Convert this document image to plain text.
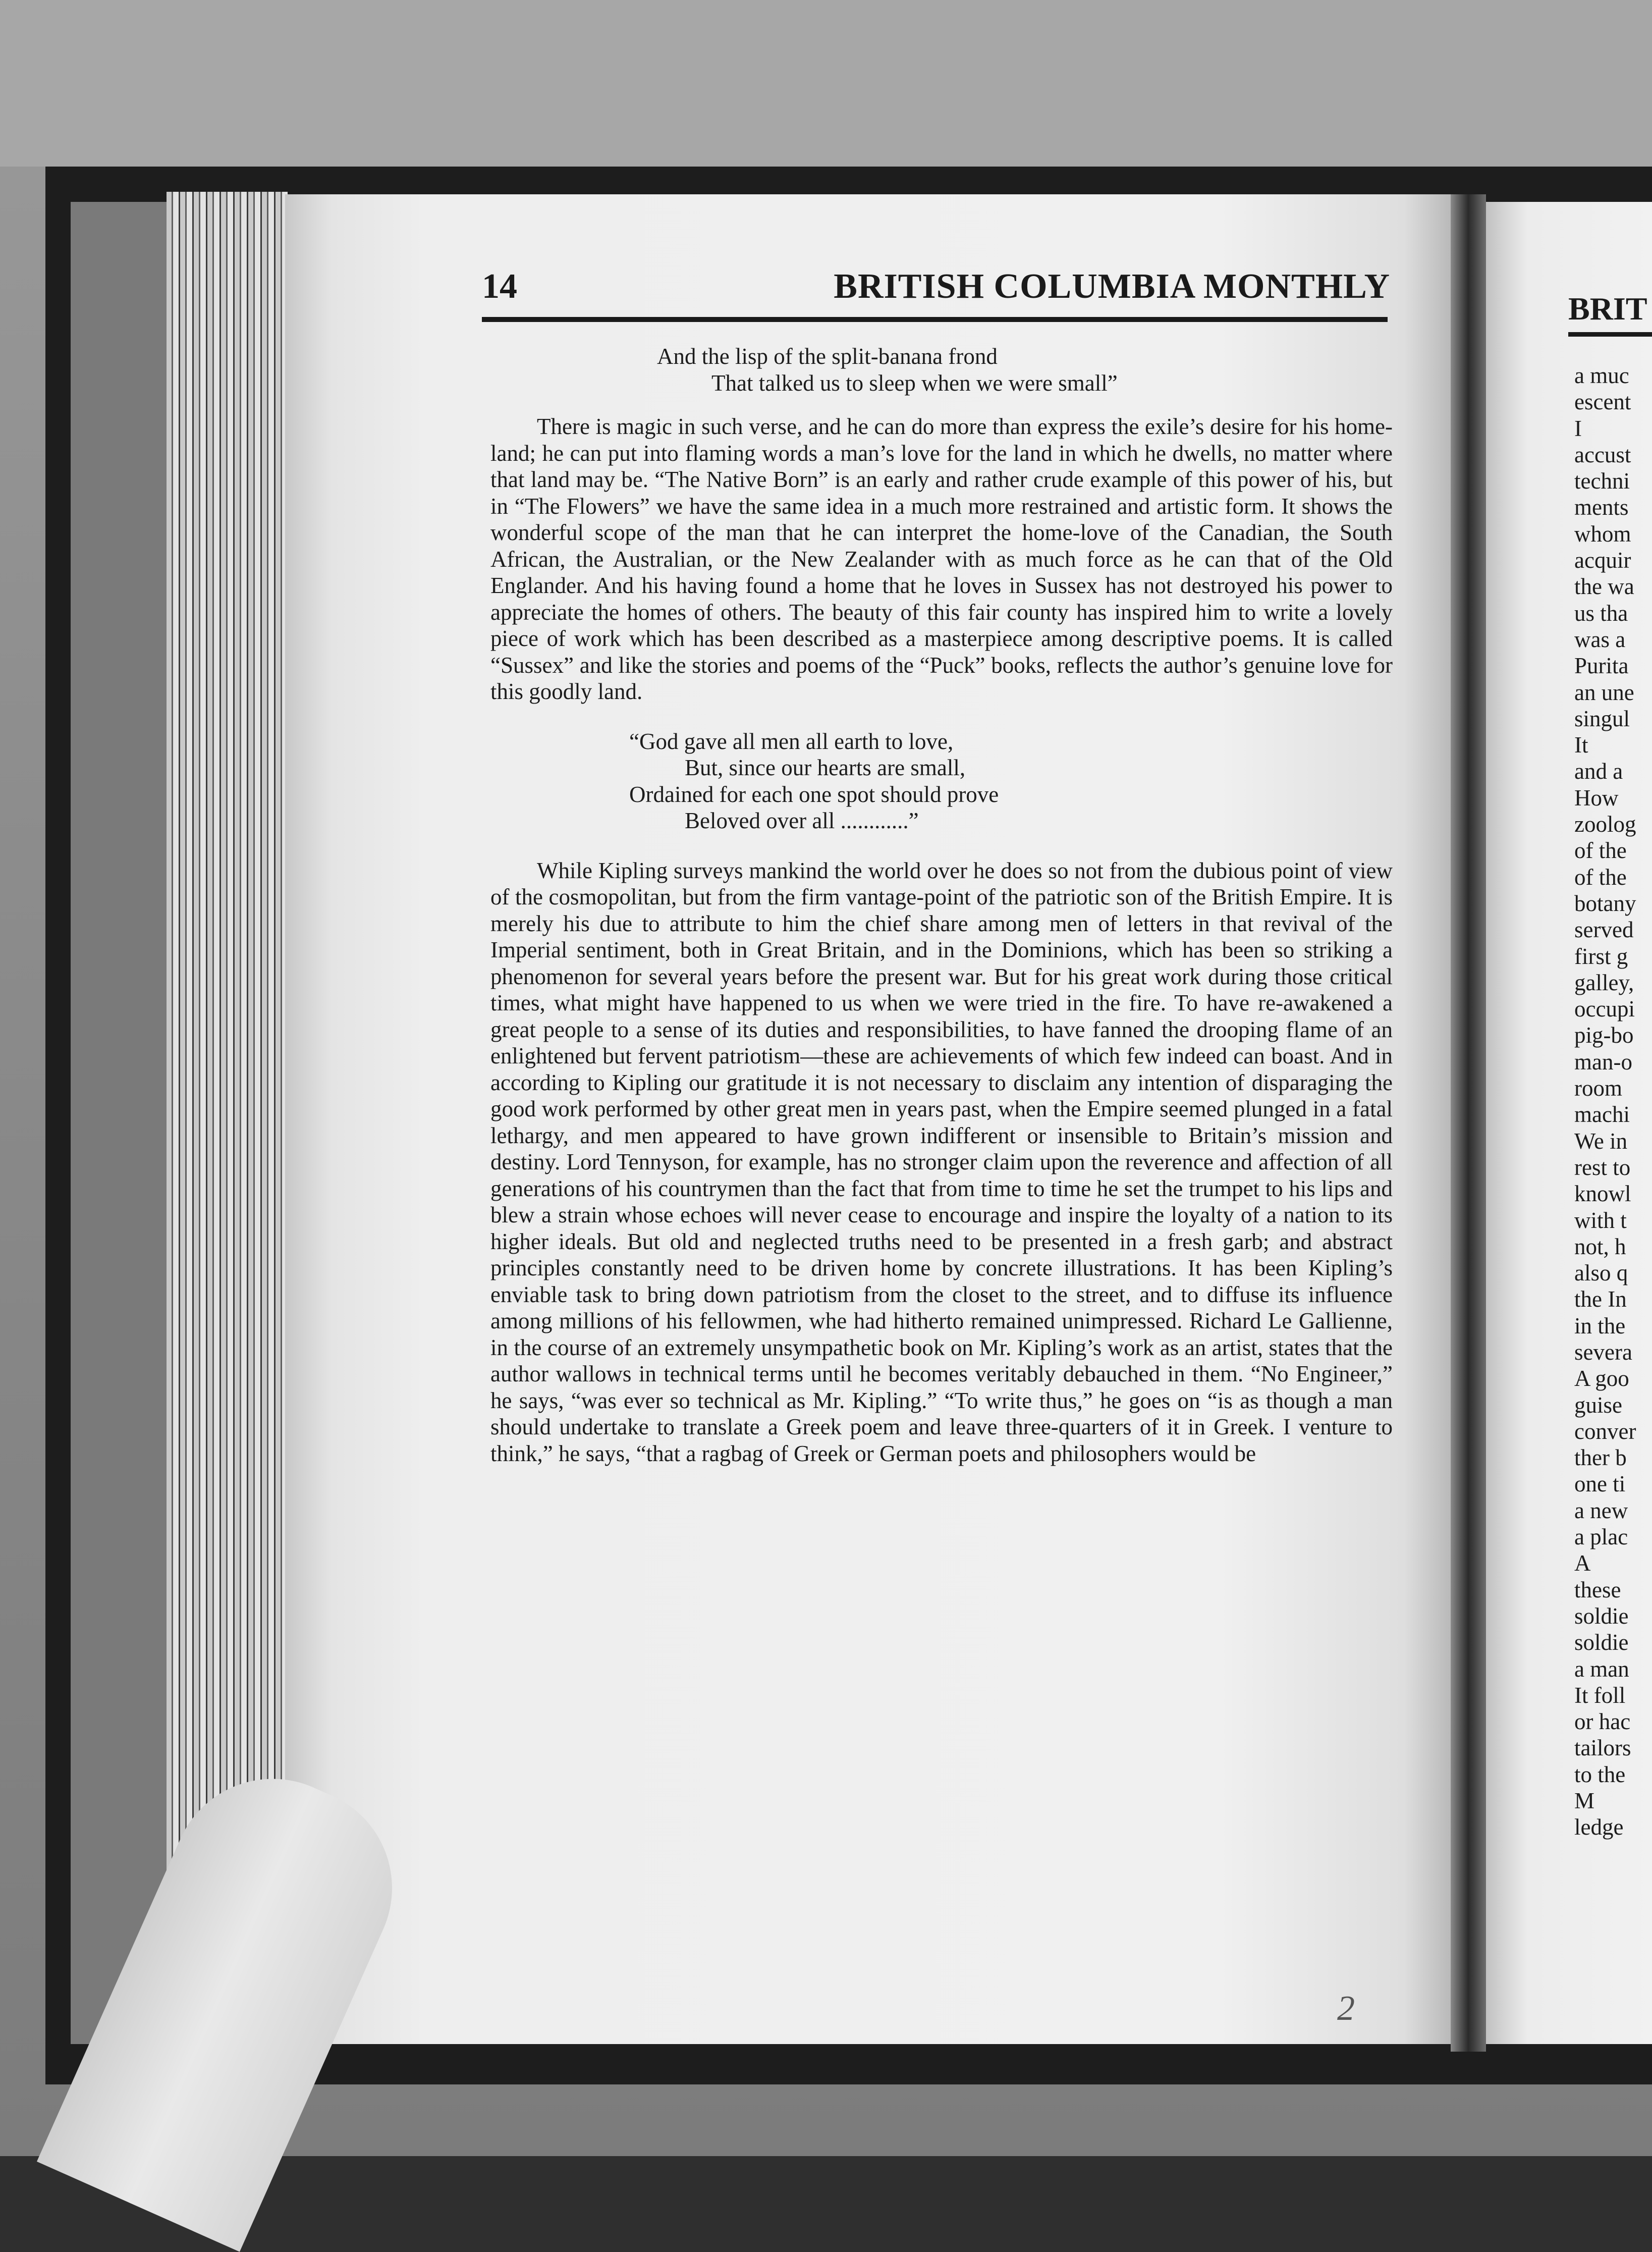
BRIT
a muc
escent
I
accust
techni
ments
whom
acquir
the wa
us tha
was a
Purita
an une
singul
It
and a
How
zoolog
of the
of the
botany
served
first g
galley,
occupi
pig-bo
man-o
room
machi
We in
rest to
knowl
with t
not, h
also q
the In
in the
severa
A goo
guise
conver
ther b
one ti
a new
a plac
A
these
soldie
soldie
a man
It foll
or hac
tailors
to the
M
ledge
14	BRITISH COLUMBIA MONTHLY
And the lisp of the split-banana frond
That talked us to sleep when we were small”

There is magic in such verse, and he can do more than express the exile’s desire for his home-land; he can put into flaming words a man’s love for the land in which he dwells, no matter where that land may be. “The Native Born” is an early and rather crude example of this power of his, but in “The Flowers” we have the same idea in a much more restrained and artistic form. It shows the wonderful scope of the man that he can interpret the home-love of the Canadian, the South African, the Australian, or the New Zealander with as much force as he can that of the Old Englander. And his having found a home that he loves in Sussex has not destroyed his power to appreciate the homes of others. The beauty of this fair county has inspired him to write a lovely piece of work which has been described as a masterpiece among descriptive poems. It is called “Sussex” and like the stories and poems of the “Puck” books, reflects the author’s genuine love for this goodly land.

“God gave all men all earth to love,
But, since our hearts are small,
Ordained for each one spot should prove
Beloved over all ............”

While Kipling surveys mankind the world over he does so not from the dubious point of view of the cosmopolitan, but from the firm vantage-point of the patriotic son of the British Empire. It is merely his due to attribute to him the chief share among men of letters in that revival of the Imperial sentiment, both in Great Britain, and in the Dominions, which has been so striking a phenomenon for several years before the present war. But for his great work during those critical times, what might have happened to us when we were tried in the fire. To have re-awakened a great people to a sense of its duties and responsibilities, to have fanned the drooping flame of an enlightened but fervent patriotism—these are achievements of which few indeed can boast. And in according to Kipling our gratitude it is not necessary to disclaim any intention of disparaging the good work performed by other great men in years past, when the Empire seemed plunged in a fatal lethargy, and men appeared to have grown indifferent or insensible to Britain’s mission and destiny. Lord Tennyson, for example, has no stronger claim upon the reverence and affection of all generations of his countrymen than the fact that from time to time he set the trumpet to his lips and blew a strain whose echoes will never cease to encourage and inspire the loyalty of a nation to its higher ideals. But old and neglected truths need to be presented in a fresh garb; and abstract principles constantly need to be driven home by concrete illustrations. It has been Kipling’s enviable task to bring down patriotism from the closet to the street, and to diffuse its influence among millions of his fellowmen, whe had hitherto remained unimpressed. Richard Le Gallienne, in the course of an extremely unsympathetic book on Mr. Kipling’s work as an artist, states that the author wallows in technical terms until he becomes veritably debauched in them. “No Engineer,” he says, “was ever so technical as Mr. Kipling.” “To write thus,” he goes on “is as though a man should undertake to translate a Greek poem and leave three-quarters of it in Greek. I venture to think,” he says, “that a ragbag of Greek or German poets and philosophers would be

2
